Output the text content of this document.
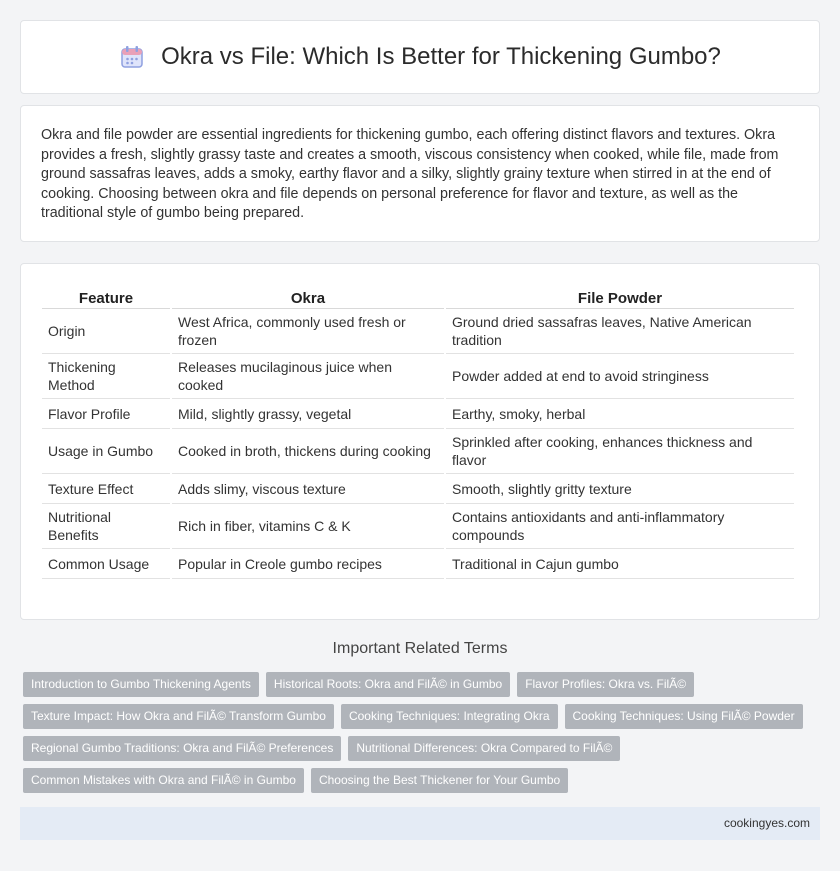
Okra vs File: Which Is Better for Thickening Gumbo?

Okra and file powder are essential ingredients for thickening gumbo, each offering distinct flavors and textures. Okra provides a fresh, slightly grassy taste and creates a smooth, viscous consistency when cooked, while file, made from ground sassafras leaves, adds a smoky, earthy flavor and a silky, slightly grainy texture when stirred in at the end of cooking. Choosing between okra and file depends on personal preference for flavor and texture, as well as the traditional style of gumbo being prepared.

Feature	Okra	File Powder
Origin	West Africa, commonly used fresh or frozen	Ground dried sassafras leaves, Native American tradition
Thickening Method	Releases mucilaginous juice when cooked	Powder added at end to avoid stringiness
Flavor Profile	Mild, slightly grassy, vegetal	Earthy, smoky, herbal
Usage in Gumbo	Cooked in broth, thickens during cooking	Sprinkled after cooking, enhances thickness and flavor
Texture Effect	Adds slimy, viscous texture	Smooth, slightly gritty texture
Nutritional Benefits	Rich in fiber, vitamins C & K	Contains antioxidants and anti-inflammatory compounds
Common Usage	Popular in Creole gumbo recipes	Traditional in Cajun gumbo
Important Related Terms
Introduction to Gumbo Thickening Agents	Historical Roots: Okra and FilÃ© in Gumbo	Flavor Profiles: Okra vs. FilÃ©
Texture Impact: How Okra and FilÃ© Transform Gumbo	Cooking Techniques: Integrating Okra	Cooking Techniques: Using FilÃ© Powder
Regional Gumbo Traditions: Okra and FilÃ© Preferences	Nutritional Differences: Okra Compared to FilÃ©
Common Mistakes with Okra and FilÃ© in Gumbo	Choosing the Best Thickener for Your Gumbo
cookingyes.com
